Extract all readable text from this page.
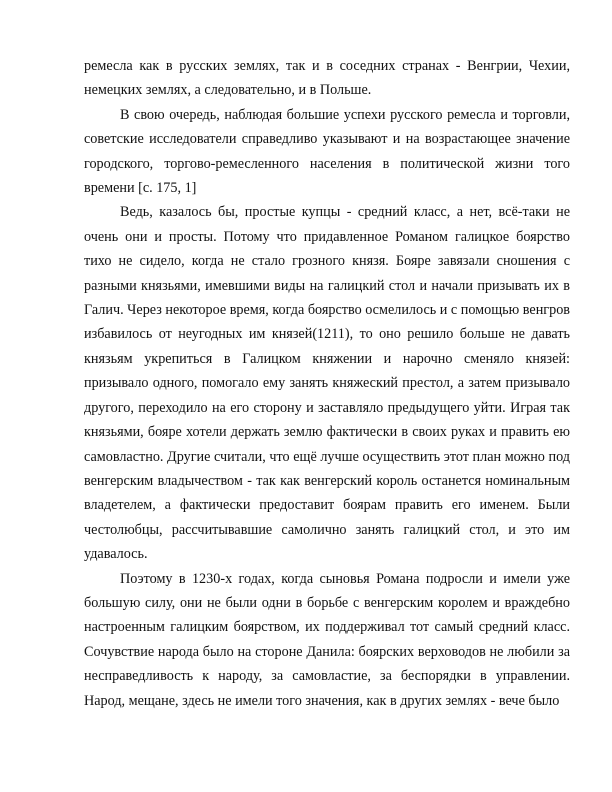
ремесла как в русских землях, так и в соседних странах - Венгрии, Чехии, немецких землях, а следовательно, и в Польше.

В свою очередь, наблюдая большие успехи русского ремесла и торговли, советские исследователи справедливо указывают и на возрастающее значение городского, торгово-ремесленного населения в политической жизни того времени [с. 175, 1]

Ведь, казалось бы, простые купцы - средний класс, а нет, всё-таки не очень они и просты. Потому что придавленное Романом галицкое боярство тихо не сидело, когда не стало грозного князя. Бояре завязали сношения с разными князьями, имевшими виды на галицкий стол и начали призывать их в Галич. Через некоторое время, когда боярство осмелилось и с помощью венгров избавилось от неугодных им князей(1211), то оно решило больше не давать князьям укрепиться в Галицком княжении и нарочно сменяло князей: призывало одного, помогало ему занять княжеский престол, а затем призывало другого, переходило на его сторону и заставляло предыдущего уйти. Играя так князьями, бояре хотели держать землю фактически в своих руках и править ею самовластно. Другие считали, что ещё лучше осуществить этот план можно под венгерским владычеством - так как венгерский король останется номинальным владетелем, а фактически предоставит боярам править его именем. Были честолюбцы, рассчитывавшие самолично занять галицкий стол, и это им удавалось.

Поэтому в 1230-х годах, когда сыновья Романа подросли и имели уже большую силу, они не были одни в борьбе с венгерским королем и враждебно настроенным галицким боярством, их поддерживал тот самый средний класс. Сочувствие народа было на стороне Данила: боярских верховодов не любили за несправедливость к народу, за самовластие, за беспорядки в управлении. Народ, мещане, здесь не имели того значения, как в других землях - вече было
